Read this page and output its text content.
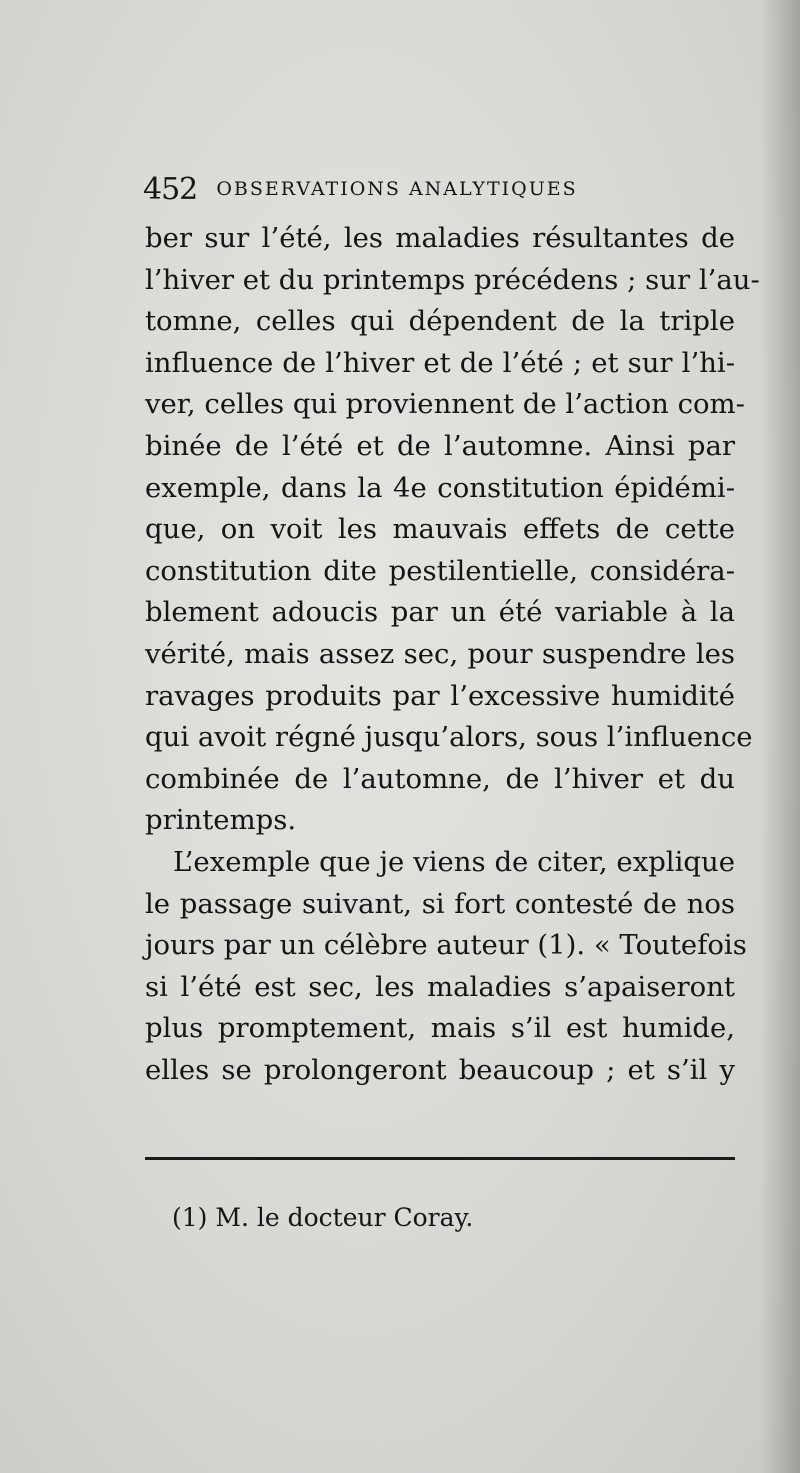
452 OBSERVATIONS ANALYTIQUES
ber sur l’été, les maladies résultantes de
l’hiver et du printemps précédens ; sur l’au-
tomne, celles qui dépendent de la triple
influence de l’hiver et de l’été ; et sur l’hi-
ver, celles qui proviennent de l’action com-
binée de l’été et de l’automne. Ainsi par
exemple, dans la 4e constitution épidémi-
que, on voit les mauvais effets de cette
constitution dite pestilentielle, considéra-
blement adoucis par un été variable à la
vérité, mais assez sec, pour suspendre les
ravages produits par l’excessive humidité
qui avoit régné jusqu’alors, sous l’influence
combinée de l’automne, de l’hiver et du
printemps.
L’exemple que je viens de citer, explique
le passage suivant, si fort contesté de nos
jours par un célèbre auteur (1). « Toutefois
si l’été est sec, les maladies s’apaiseront
plus promptement, mais s’il est humide,
elles se prolongeront beaucoup ; et s’il y
(1) M. le docteur Coray.
